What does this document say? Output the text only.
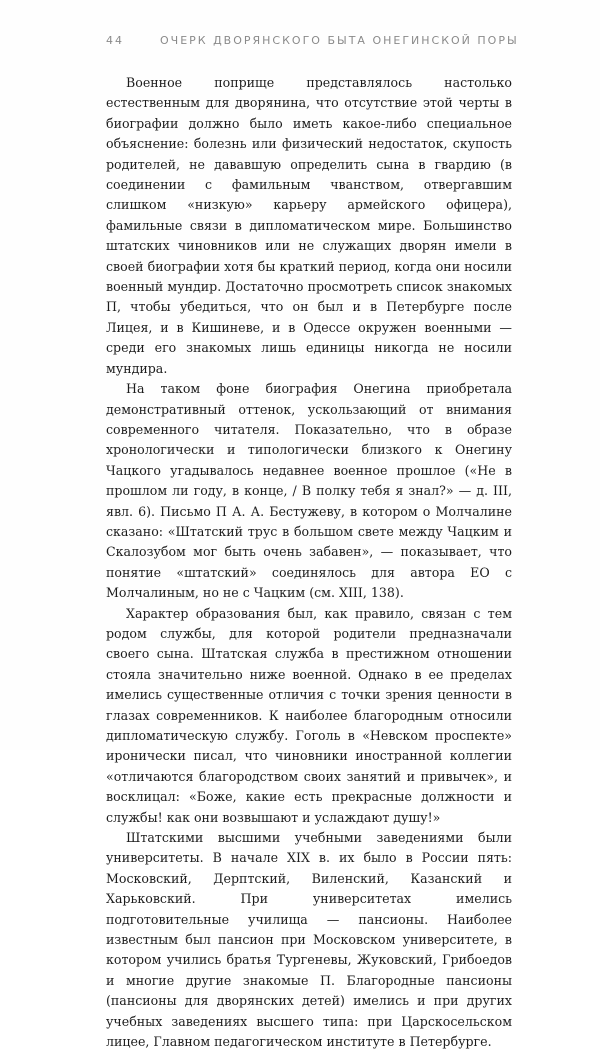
44	ОЧЕРК ДВОРЯНСКОГО БЫТА ОНЕГИНСКОЙ ПОРЫ

Военное поприще представлялось настолько естественным для дворянина, что отсутствие этой черты в биографии должно было иметь какое-либо специальное объяснение: болезнь или физический недостаток, скупость родителей, не дававшую определить сына в гвардию (в соединении с фамильным чванством, отвергавшим слишком «низкую» карьеру армейского офицера), фамильные связи в дипломатическом мире. Большинство штатских чиновников или не служащих дворян имели в своей биографии хотя бы краткий период, когда они носили военный мундир. Достаточно просмотреть список знакомых П, чтобы убедиться, что он был и в Петербурге после Лицея, и в Кишиневе, и в Одессе окружен военными — среди его знакомых лишь единицы никогда не носили мундира.

На таком фоне биография Онегина приобретала демонстративный оттенок, ускользающий от внимания современного читателя. Показательно, что в образе хронологически и типологически близкого к Онегину Чацкого угадывалось недавнее военное прошлое («Не в прошлом ли году, в конце, / В полку тебя я знал?» — д. III, явл. 6). Письмо П А. А. Бестужеву, в котором о Молчалине сказано: «Штатский трус в большом свете между Чацким и Скалозубом мог быть очень забавен», — показывает, что понятие «штатский» соединялось для автора ЕО с Молчалиным, но не с Чацким (см. XIII, 138).

Характер образования был, как правило, связан с тем родом службы, для которой родители предназначали своего сына. Штатская служба в престижном отношении стояла значительно ниже военной. Однако в ее пределах имелись существенные отличия с точки зрения ценности в глазах современников. К наиболее благородным относили дипломатическую службу. Гоголь в «Невском проспекте» иронически писал, что чиновники иностранной коллегии «отличаются благородством своих занятий и привычек», и восклицал: «Боже, какие есть прекрасные должности и службы! как они возвышают и услаждают душу!»

Штатскими высшими учебными заведениями были университеты. В начале XIX в. их было в России пять: Московский, Дерптский, Виленский, Казанский и Харьковский. При университетах имелись подготовительные училища — пансионы. Наиболее известным был пансион при Московском университете, в котором учились братья Тургеневы, Жуковский, Грибоедов и многие другие знакомые П. Благородные пансионы (пансионы для дворянских детей) имелись и при других учебных заведениях высшего типа: при Царскосельском лицее, Главном педагогическом институте в Петербурге.
